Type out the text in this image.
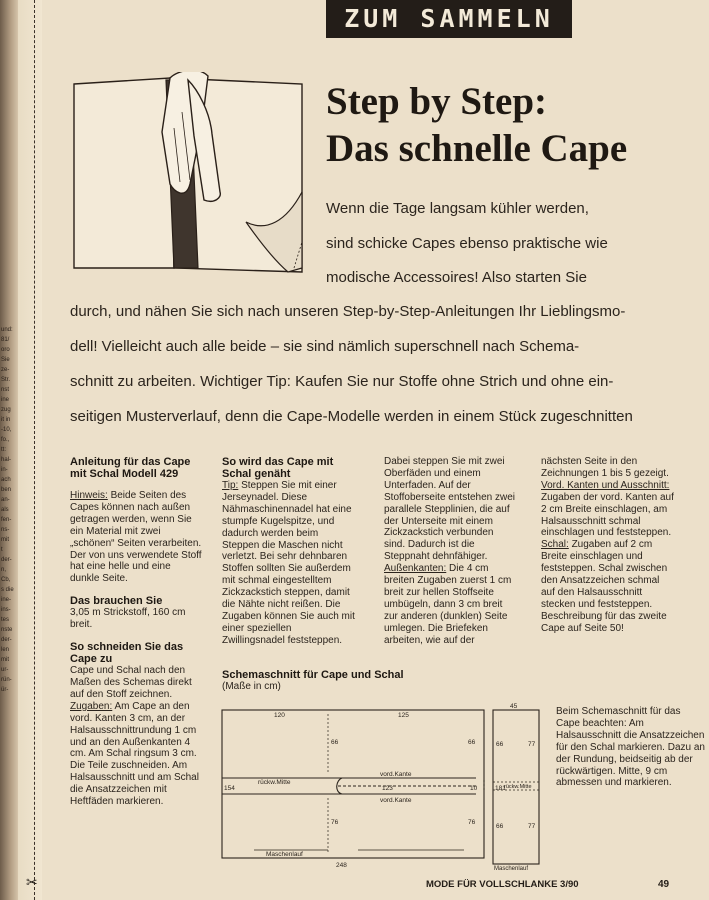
und:
81/
oro
Sie
ze-
Str.
nst
ine
zug
it in
-10,
fo.,
tt:
hal-
in-
ach
ben
an-
als
fen-
ns-
mit
t
der-
n,
Cb,
s die
ine-
ins-
tes
nste
der-
len
mit
ur-
rün-
ür-
✂
ZUM SAMMELN
Step by Step:
Das schnelle Cape
Wenn die Tage langsam kühler werden,
sind schicke Capes ebenso praktische wie
modische Accessoires! Also starten Sie
durch, und nähen Sie sich nach unseren Step-by-Step-Anleitungen Ihr Lieblingsmo-
dell! Vielleicht auch alle beide – sie sind nämlich superschnell nach Schema-
schnitt zu arbeiten. Wichtiger Tip: Kaufen Sie nur Stoffe ohne Strich und ohne ein-
seitigen Musterverlauf, denn die Cape-Modelle werden in einem Stück zugeschnitten

Anleitung für das Cape mit Schal Modell 429

Hinweis: Beide Seiten des Capes können nach außen getragen werden, wenn Sie ein Material mit zwei „schönen“ Seiten verarbeiten. Der von uns verwendete Stoff hat eine helle und eine dunkle Seite.

Das brauchen Sie

3,05 m Strickstoff, 160 cm breit.

So schneiden Sie das Cape zu

Cape und Schal nach den Maßen des Schemas direkt auf den Stoff zeichnen.

Zugaben: Am Cape an den vord. Kanten 3 cm, an der Halsausschnittrundung 1 cm und an den Außenkanten 4 cm. Am Schal ringsum 3 cm.

Die Teile zuschneiden. Am Halsausschnitt und am Schal die Ansatzzeichen mit Heftfäden markieren.

So wird das Cape mit Schal genäht

Tip: Steppen Sie mit einer Jerseynadel. Diese Nähmaschinennadel hat eine stumpfe Kugelspitze, und dadurch werden beim Steppen die Maschen nicht verletzt. Bei sehr dehnbaren Stoffen sollten Sie außerdem mit schmal eingestelltem Zickzackstich steppen, damit die Nähte nicht reißen. Die Zugaben können Sie auch mit einer speziellen Zwillingsnadel feststeppen.

Dabei steppen Sie mit zwei Oberfäden und einem Unterfaden. Auf der Stoffoberseite entstehen zwei parallele Stepplinien, die auf der Unterseite mit einem Zickzackstich verbunden sind. Dadurch ist die Steppnaht dehnfähiger.

Außenkanten: Die 4 cm breiten Zugaben zuerst 1 cm breit zur hellen Stoffseite umbügeln, dann 3 cm breit zur anderen (dunklen) Seite umlegen. Die Briefeken arbeiten, wie auf der

nächsten Seite in den Zeichnungen 1 bis 5 gezeigt.

Vord. Kanten und Ausschnitt: Zugaben der vord. Kanten auf 2 cm Breite einschlagen, am Halsausschnitt schmal einschlagen und feststeppen.

Schal: Zugaben auf 2 cm Breite einschlagen und feststeppen. Schal zwischen den Ansatzzeichen schmal auf den Halsausschnitt stecken und feststeppen. Beschreibung für das zweite Cape auf Seite 50!

Schemaschnitt für Cape und Schal

(Maße in cm)

120	125
248
123
rückw.Mitte
vord.Kante
vord.Kante
Maschenlauf
66	66
76	76
10
154
45
66
66
77
77
181
rückw.Mitte
Maschenlauf
Beim Schemaschnitt für das Cape beachten: Am Halsausschnitt die Ansatzzeichen für den Schal markieren. Dazu an der Rundung, beidseitig ab der rückwärtigen. Mitte, 9 cm abmessen und markieren.
MODE FÜR VOLLSCHLANKE 3/90	49
